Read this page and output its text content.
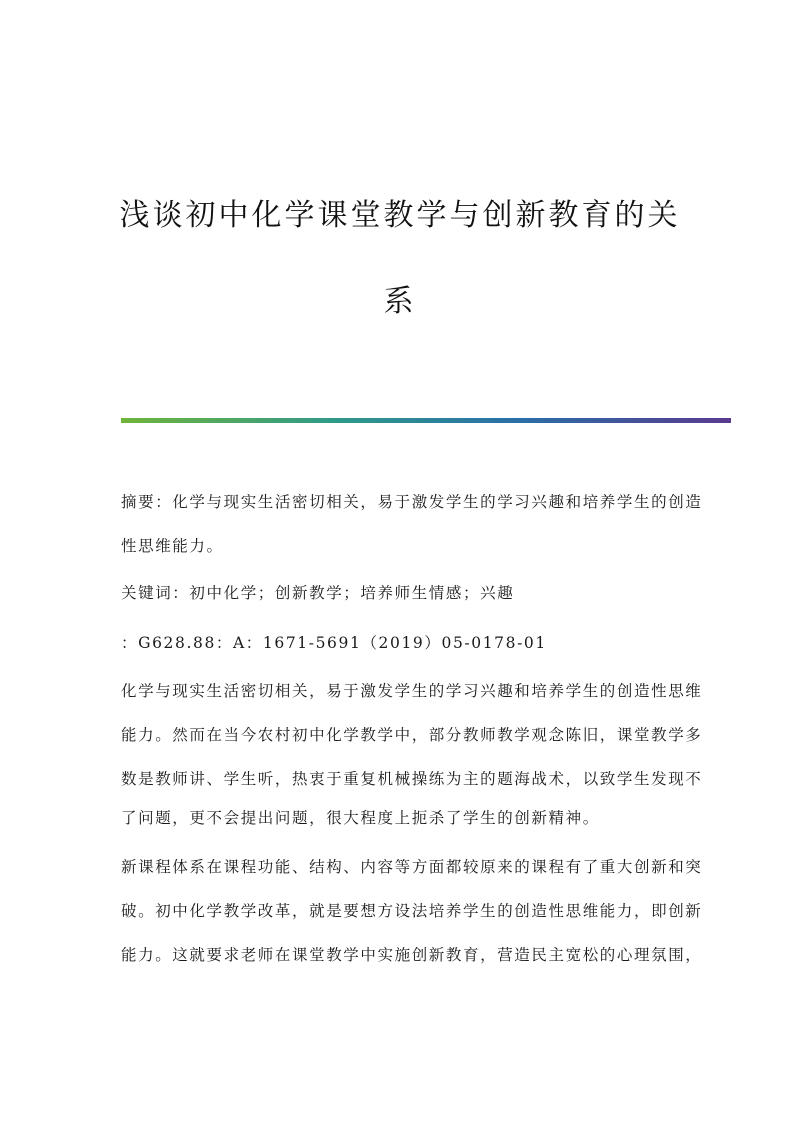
浅谈初中化学课堂教学与创新教育的关
系
摘要：化学与现实生活密切相关，易于激发学生的学习兴趣和培养学生的创造
性思维能力。
关键词：初中化学；创新教学；培养师生情感；兴趣
：G628.88：A：1671-5691（2019）05-0178-01
化学与现实生活密切相关，易于激发学生的学习兴趣和培养学生的创造性思维
能力。然而在当今农村初中化学教学中，部分教师教学观念陈旧，课堂教学多
数是教师讲、学生听，热衷于重复机械操练为主的题海战术，以致学生发现不
了问题，更不会提出问题，很大程度上扼杀了学生的创新精神。
新课程体系在课程功能、结构、内容等方面都较原来的课程有了重大创新和突
破。初中化学教学改革，就是要想方设法培养学生的创造性思维能力，即创新
能力。这就要求老师在课堂教学中实施创新教育，营造民主宽松的心理氛围，
